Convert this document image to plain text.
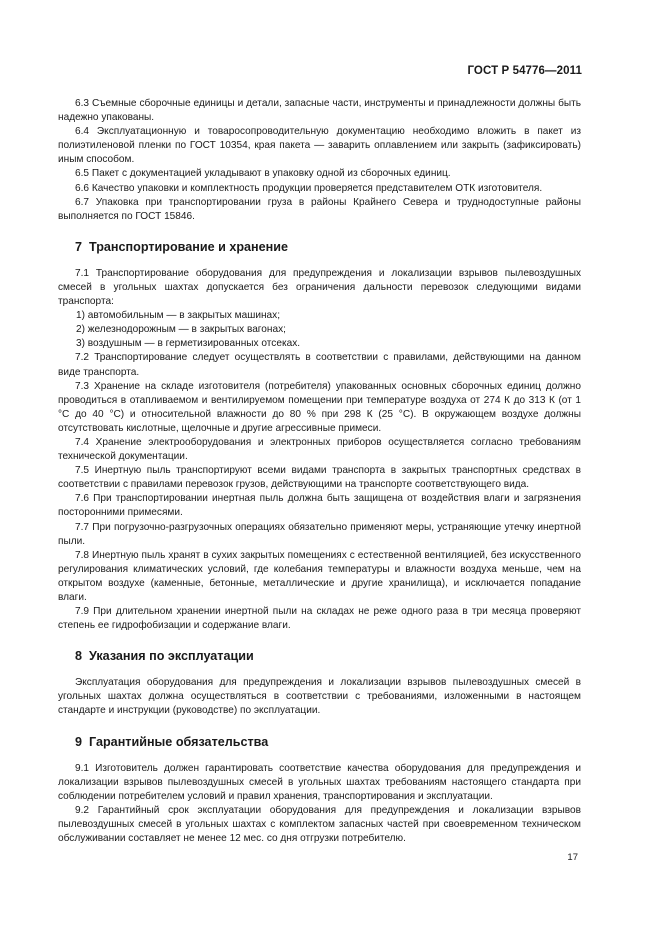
ГОСТ Р 54776—2011

6.3 Съемные сборочные единицы и детали, запасные части, инструменты и принадлежности должны быть надежно упакованы.

6.4 Эксплуатационную и товаросопроводительную документацию необходимо вложить в пакет из полиэтиленовой пленки по ГОСТ 10354, края пакета — заварить оплавлением или закрыть (зафиксировать) иным способом.

6.5 Пакет с документацией укладывают в упаковку одной из сборочных единиц.

6.6 Качество упаковки и комплектность продукции проверяется представителем ОТК изготовителя.

6.7 Упаковка при транспортировании груза в районы Крайнего Севера и труднодоступные районы выполняется по ГОСТ 15846.

7 Транспортирование и хранение

7.1 Транспортирование оборудования для предупреждения и локализации взрывов пылевоздушных смесей в угольных шахтах допускается без ограничения дальности перевозок следующими видами транспорта:

1) автомобильным — в закрытых машинах;

2) железнодорожным — в закрытых вагонах;

3) воздушным — в герметизированных отсеках.

7.2 Транспортирование следует осуществлять в соответствии с правилами, действующими на данном виде транспорта.

7.3 Хранение на складе изготовителя (потребителя) упакованных основных сборочных единиц должно проводиться в отапливаемом и вентилируемом помещении при температуре воздуха от 274 К до 313 К (от 1 °С до 40 °С) и относительной влажности до 80 % при 298 К (25 °С). В окружающем воздухе должны отсутствовать кислотные, щелочные и другие агрессивные примеси.

7.4 Хранение электрооборудования и электронных приборов осуществляется согласно требованиям технической документации.

7.5 Инертную пыль транспортируют всеми видами транспорта в закрытых транспортных средствах в соответствии с правилами перевозок грузов, действующими на транспорте соответствующего вида.

7.6 При транспортировании инертная пыль должна быть защищена от воздействия влаги и загрязнения посторонними примесями.

7.7 При погрузочно-разгрузочных операциях обязательно применяют меры, устраняющие утечку инертной пыли.

7.8 Инертную пыль хранят в сухих закрытых помещениях с естественной вентиляцией, без искусственного регулирования климатических условий, где колебания температуры и влажности воздуха меньше, чем на открытом воздухе (каменные, бетонные, металлические и другие хранилища), и исключается попадание влаги.

7.9 При длительном хранении инертной пыли на складах не реже одного раза в три месяца проверяют степень ее гидрофобизации и содержание влаги.

8 Указания по эксплуатации

Эксплуатация оборудования для предупреждения и локализации взрывов пылевоздушных смесей в угольных шахтах должна осуществляться в соответствии с требованиями, изложенными в настоящем стандарте и инструкции (руководстве) по эксплуатации.

9 Гарантийные обязательства

9.1 Изготовитель должен гарантировать соответствие качества оборудования для предупреждения и локализации взрывов пылевоздушных смесей в угольных шахтах требованиям настоящего стандарта при соблюдении потребителем условий и правил хранения, транспортирования и эксплуатации.

9.2 Гарантийный срок эксплуатации оборудования для предупреждения и локализации взрывов пылевоздушных смесей в угольных шахтах с комплектом запасных частей при своевременном техническом обслуживании составляет не менее 12 мес. со дня отгрузки потребителю.

17
